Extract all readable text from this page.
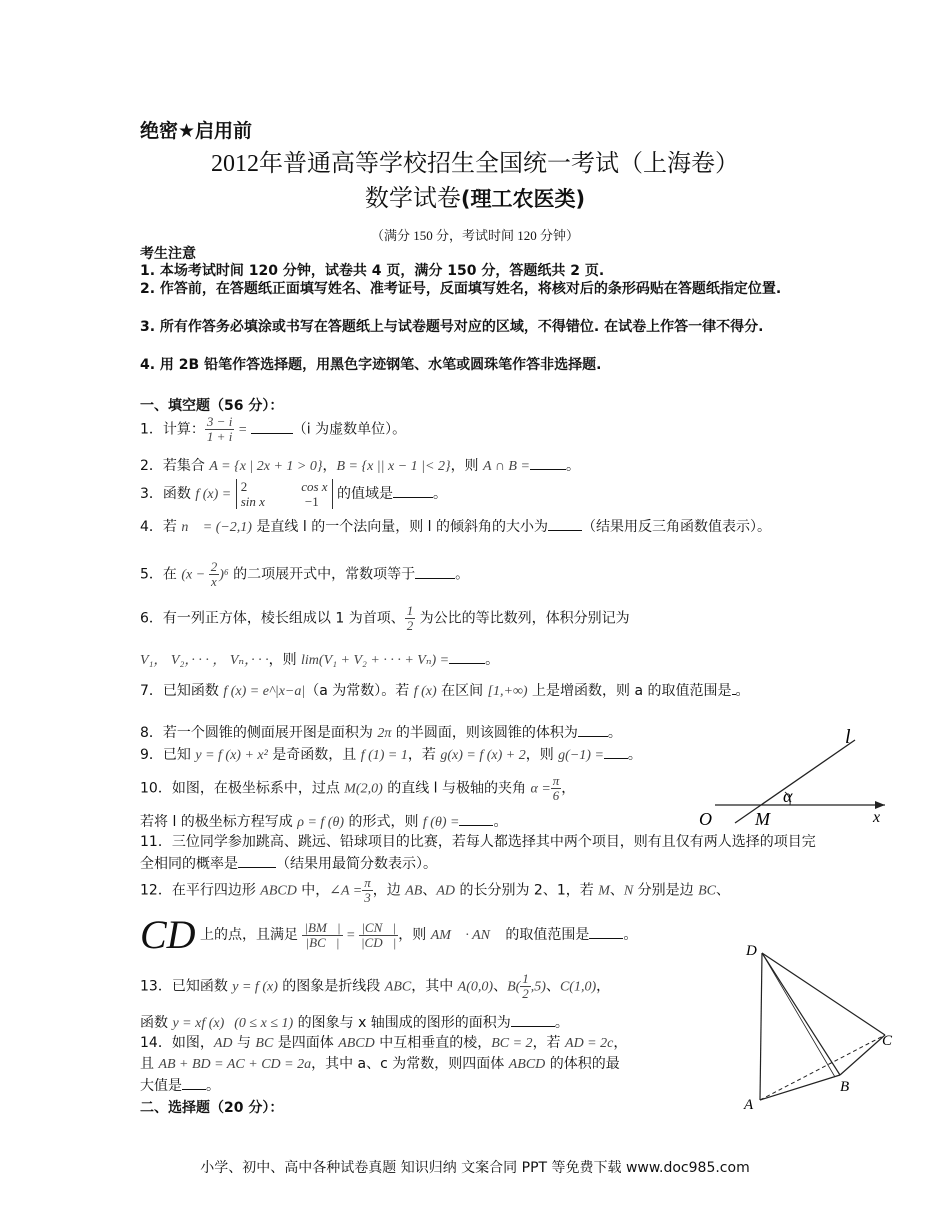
绝密★启用前
2012年普通高等学校招生全国统一考试（上海卷）
数学试卷(理工农医类)
（满分 150 分，考试时间 120 分钟）
考生注意
1. 本场考试时间 120 分钟，试卷共 4 页，满分 150 分，答题纸共 2 页.
2. 作答前，在答题纸正面填写姓名、准考证号，反面填写姓名，将核对后的条形码贴在答题纸指定位置.
3. 所有作答务必填涂或书写在答题纸上与试卷题号对应的区域，不得错位. 在试卷上作答一律不得分.
4. 用 2B 铅笔作答选择题，用黑色字迹钢笔、水笔或圆珠笔作答非选择题.
一、填空题（56 分）：
1．计算： $\frac{3 - i}{1 + i}$ =	（i 为虚数单位）。
2．若集合 A = {x | 2x + 1 > 0}，B = {x || x − 1 |< 2}，则 A ∩ B =	。
3．函数 f (x) =
2	cos x
sin x	−1 的值域是	。
4．若 n⃗ = (−2,1) 是直线 l 的一个法向量，则 l 的倾斜角的大小为 （结果用反三角函数值表示）。
5．在 $(x - \frac{2}{x} )^6$ 的二项展开式中，常数项等于	。
6．有一列正方体，棱长组成以 1 为首项、 $\frac{1}{2}$ 为公比的等比数列，体积分别记为
V₁， V₂，· · · ， Vₙ，· · ·，则 lim(V₁ + V₂ + · · · + Vₙ) =	。
7．已知函数 f (x) = e^|x−a|（a 为常数）。若 f (x) 在区间 [1,+∞) 上是增函数，则 a 的取值范围是 。
8．若一个圆锥的侧面展开图是面积为 2π 的半圆面，则该圆锥的体积为 。
9．已知 y = f (x) + x² 是奇函数，且 f (1) = 1，若 g(x) = f (x) + 2，则 g(−1) = 。
10．如图，在极坐标系中，过点 M(2,0) 的直线 l 与极轴的夹角 $\alpha = \frac{\pi}{6}$ ，
若将 l 的极坐标方程写成 ρ = f (θ) 的形式，则 f (θ) = 。
l
α
O M	x
11．三位同学参加跳高、跳远、铅球项目的比赛，若每人都选择其中两个项目，则有且仅有两人选择的项目完全相同的概率是	（结果用最简分数表示）。
12．在平行四边形 ABCD 中，∠A = $\frac{\pi}{3}$ ，边 AB、AD 的长分别为 2、1，若 M、N 分别是边 BC、
CD 上的点，且满足 $\frac{|BM⃗|}{|BC⃗|} = \frac{|CN⃗|}{|CD⃗|}$ ，则 AM⃗ · AN⃗ 的取值范围是 。
13．已知函数 y = f (x) 的图象是折线段 ABC，其中 A(0,0)、$B( \frac{1}{2} ,5)$、C(1,0)，
函数 y = xf (x) (0 ≤ x ≤ 1) 的图象与 x 轴围成的图形的面积为	。
14．如图，AD 与 BC 是四面体 ABCD 中互相垂直的棱，BC = 2，若 AD = 2c，
且 AB + BD = AC + CD = 2a，其中 a、c 为常数，则四面体 ABCD 的体积的最
大值是 。
D
C
B
A
二、选择题（20 分）：
小学、初中、高中各种试卷真题 知识归纳 文案合同 PPT 等免费下载 www.doc985.com
